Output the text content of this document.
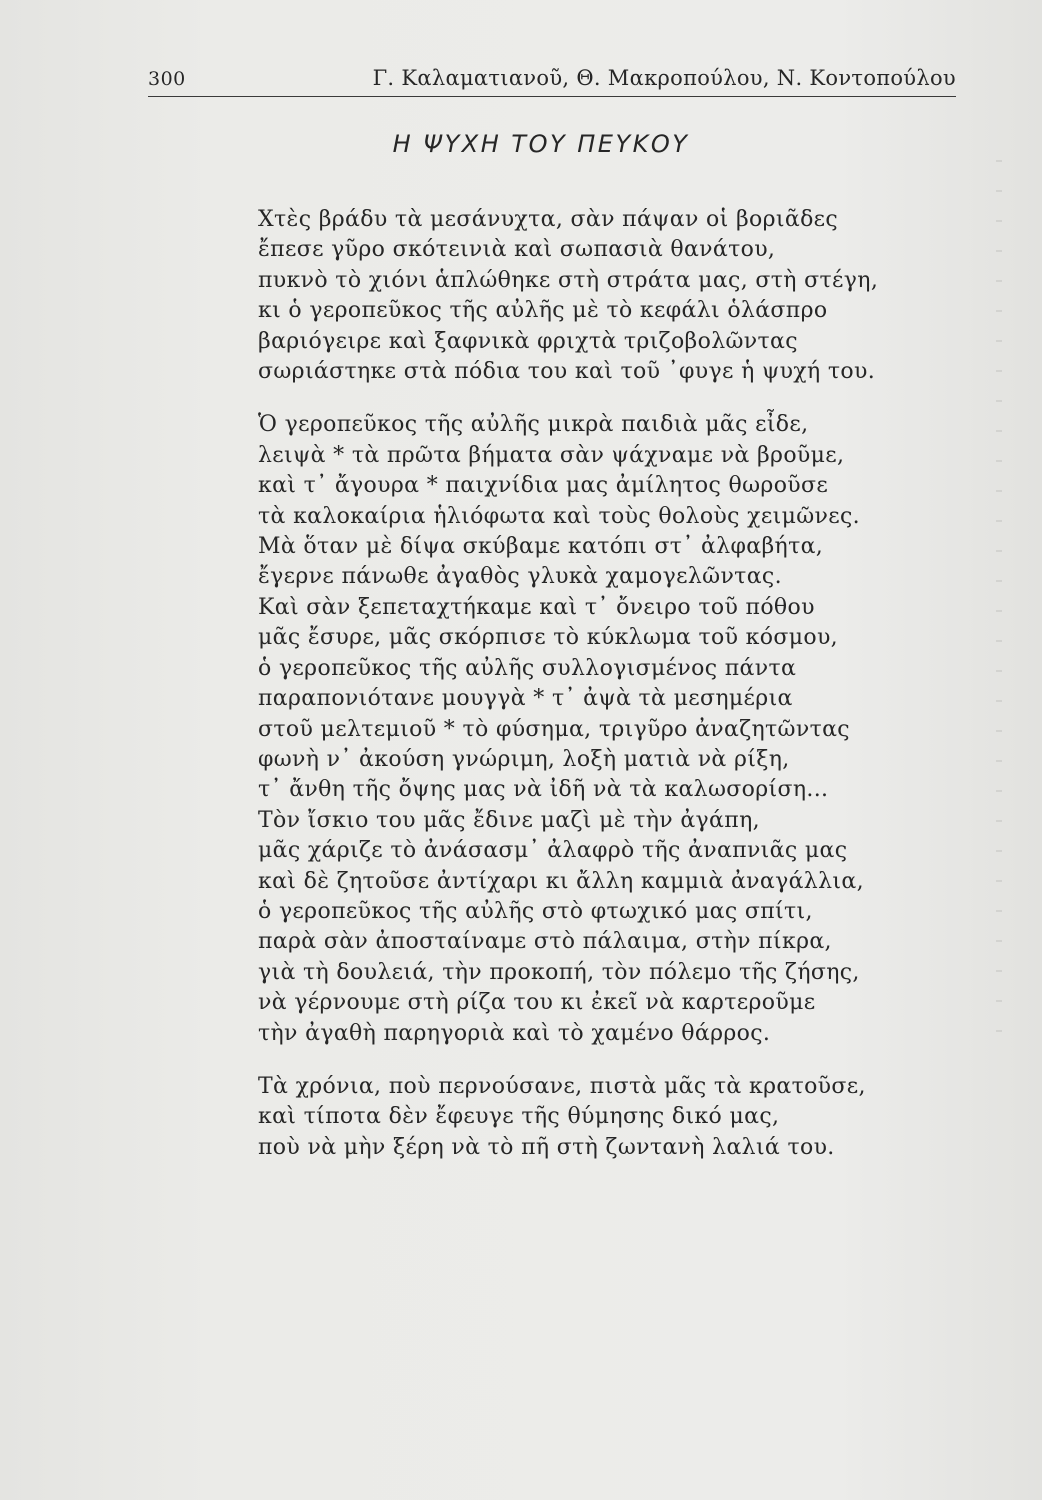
300	Γ. Καλαματιανοῦ, Θ. Μακροπούλου, Ν. Κοντοπούλου
Η ΨΥΧΗ ΤΟΥ ΠΕΥΚΟΥ
Χτὲς βράδυ τὰ μεσάνυχτα, σὰν πάψαν οἱ βοριᾶδες
ἔπεσε γῦρο σκότεινιὰ καὶ σωπασιὰ θανάτου,
πυκνὸ τὸ χιόνι ἁπλώθηκε στὴ στράτα μας, στὴ στέγη,
κι ὁ γεροπεῦκος τῆς αὐλῆς μὲ τὸ κεφάλι ὁλάσπρο
βαριόγειρε καὶ ξαφνικὰ φριχτὰ τριζοβολῶντας
σωριάστηκε στὰ πόδια του καὶ τοῦ ᾽φυγε ἡ ψυχή του.
Ὁ γεροπεῦκος τῆς αὐλῆς μικρὰ παιδιὰ μᾶς εἶδε,
λειψὰ * τὰ πρῶτα βήματα σὰν ψάχναμε νὰ βροῦμε,
καὶ τ᾽ ἄγουρα * παιχνίδια μας ἀμίλητος θωροῦσε
τὰ καλοκαίρια ἡλιόφωτα καὶ τοὺς θολοὺς χειμῶνες.
Μὰ ὅταν μὲ δίψα σκύβαμε κατόπι στ᾽ ἀλφαβήτα,
ἔγερνε πάνωθε ἀγαθὸς γλυκὰ χαμογελῶντας.
Καὶ σὰν ξεπεταχτήκαμε καὶ τ᾽ ὄνειρο τοῦ πόθου
μᾶς ἔσυρε, μᾶς σκόρπισε τὸ κύκλωμα τοῦ κόσμου,
ὁ γεροπεῦκος τῆς αὐλῆς συλλογισμένος πάντα
παραπονιότανε μουγγὰ * τ᾽ ἀψὰ τὰ μεσημέρια
στοῦ μελτεμιοῦ * τὸ φύσημα, τριγῦρο ἀναζητῶντας
φωνὴ ν᾽ ἀκούση γνώριμη, λοξὴ ματιὰ νὰ ρίξη,
τ᾽ ἄνθη τῆς ὄψης μας νὰ ἰδῆ νὰ τὰ καλωσορίση...
Τὸν ἴσκιο του μᾶς ἔδινε μαζὶ μὲ τὴν ἀγάπη,
μᾶς χάριζε τὸ ἀνάσασμ᾽ ἀλαφρὸ τῆς ἀναπνιᾶς μας
καὶ δὲ ζητοῦσε ἀντίχαρι κι ἄλλη καμμιὰ ἀναγάλλια,
ὁ γεροπεῦκος τῆς αὐλῆς στὸ φτωχικό μας σπίτι,
παρὰ σὰν ἀποσταίναμε στὸ πάλαιμα, στὴν πίκρα,
γιὰ τὴ δουλειά, τὴν προκοπή, τὸν πόλεμο τῆς ζήσης,
νὰ γέρνουμε στὴ ρίζα του κι ἐκεῖ νὰ καρτεροῦμε
τὴν ἀγαθὴ παρηγοριὰ καὶ τὸ χαμένο θάρρος.
Τὰ χρόνια, ποὺ περνούσανε, πιστὰ μᾶς τὰ κρατοῦσε,
καὶ τίποτα δὲν ἔφευγε τῆς θύμησης δικό μας,
ποὺ νὰ μὴν ξέρη νὰ τὸ πῆ στὴ ζωντανὴ λαλιά του.
